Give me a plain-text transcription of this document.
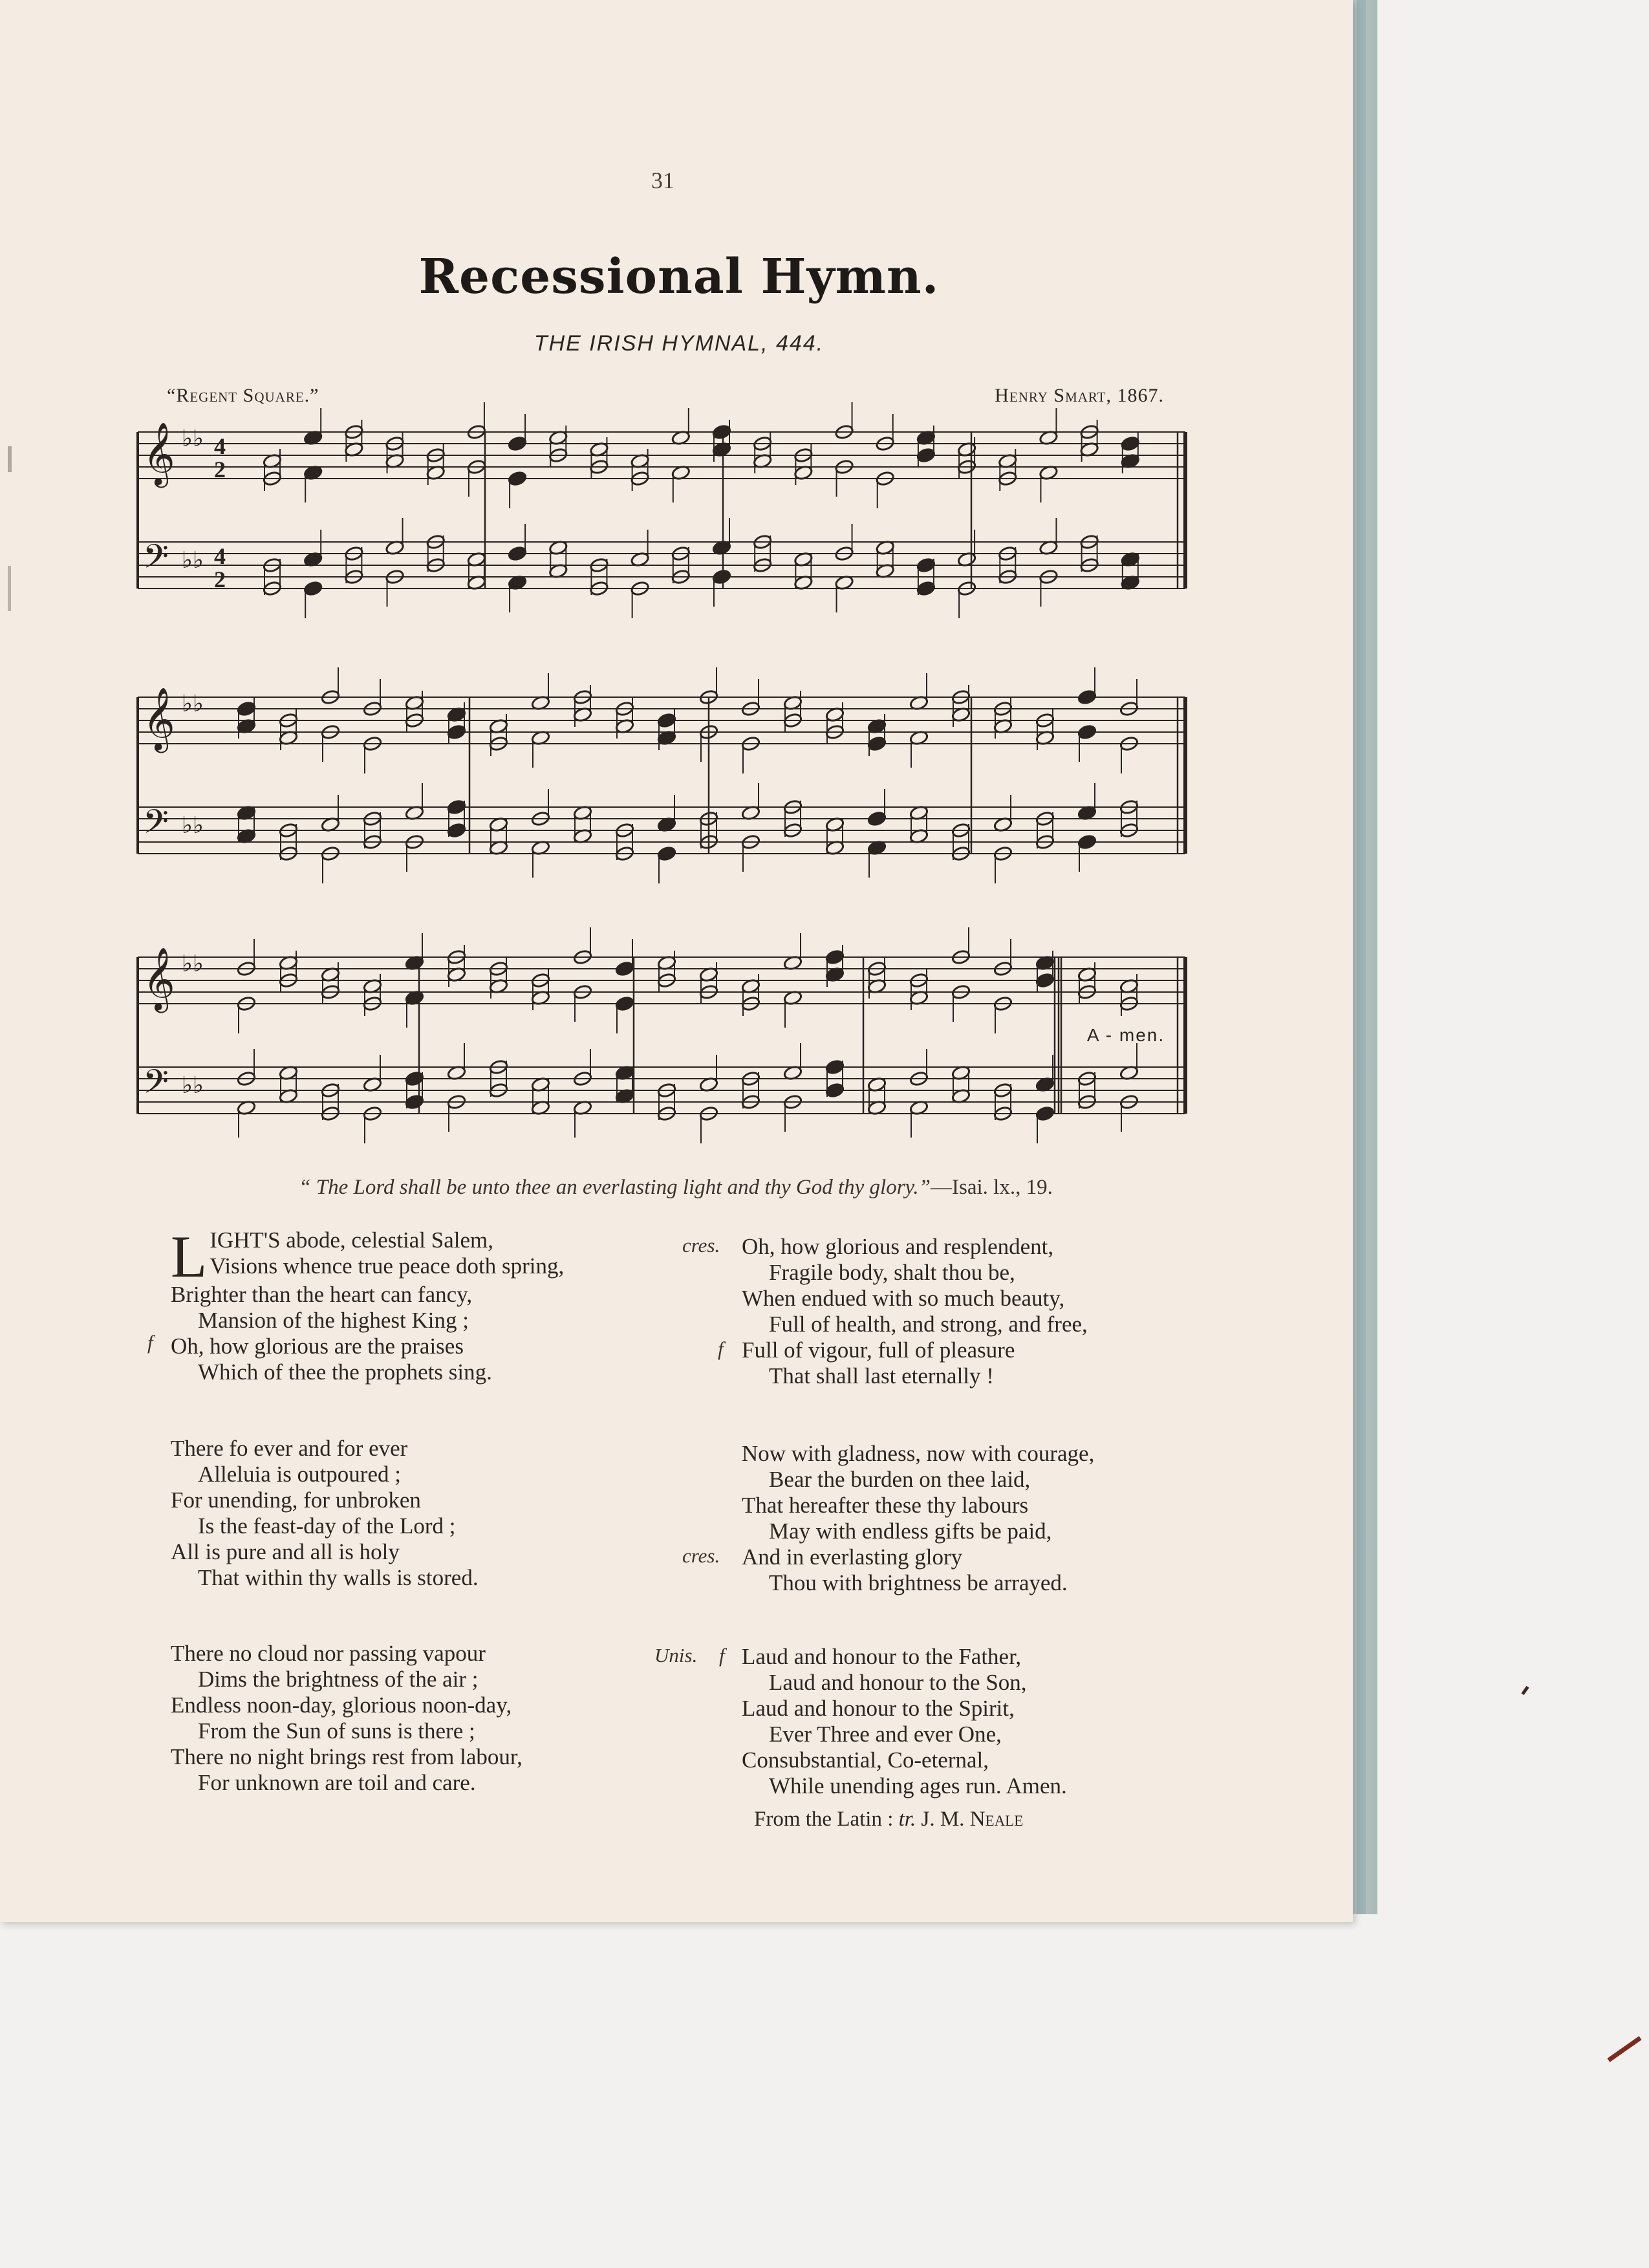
31
Recessional Hymn.
THE IRISH HYMNAL, 444.
“Regent Square.”	Henry Smart, 1867.
𝄞 ♭♭ 4
2
𝄢 ♭♭ 4
2
𝄞 ♭♭
𝄢 ♭♭
𝄞 ♭♭
𝄢 ♭♭
A - men.
“ The Lord shall be unto thee an everlasting light and thy God thy glory.”—Isai. lx., 19.
L IGHT'S abode, celestial Salem,
Visions whence true peace doth spring,
Brighter than the heart can fancy,
Mansion of the highest King ;
Oh, how glorious are the praises
Which of thee the prophets sing.
There fo ever and for ever
Alleluia is outpoured ;
For unending, for unbroken
Is the feast-day of the Lord ;
All is pure and all is holy
That within thy walls is stored.
There no cloud nor passing vapour
Dims the brightness of the air ;
Endless noon-day, glorious noon-day,
From the Sun of suns is there ;
There no night brings rest from labour,
For unknown are toil and care.
Oh, how glorious and resplendent,
Fragile body, shalt thou be,
When endued with so much beauty,
Full of health, and strong, and free,
Full of vigour, full of pleasure
That shall last eternally !
Now with gladness, now with courage,
Bear the burden on thee laid,
That hereafter these thy labours
May with endless gifts be paid,
And in everlasting glory
Thou with brightness be arrayed.
Laud and honour to the Father,
Laud and honour to the Son,
Laud and honour to the Spirit,
Ever Three and ever One,
Consubstantial, Co-eternal,
While unending ages run. Amen.
f
cres.
f
cres.
Unis. f
From the Latin : tr. J. M. Neale
